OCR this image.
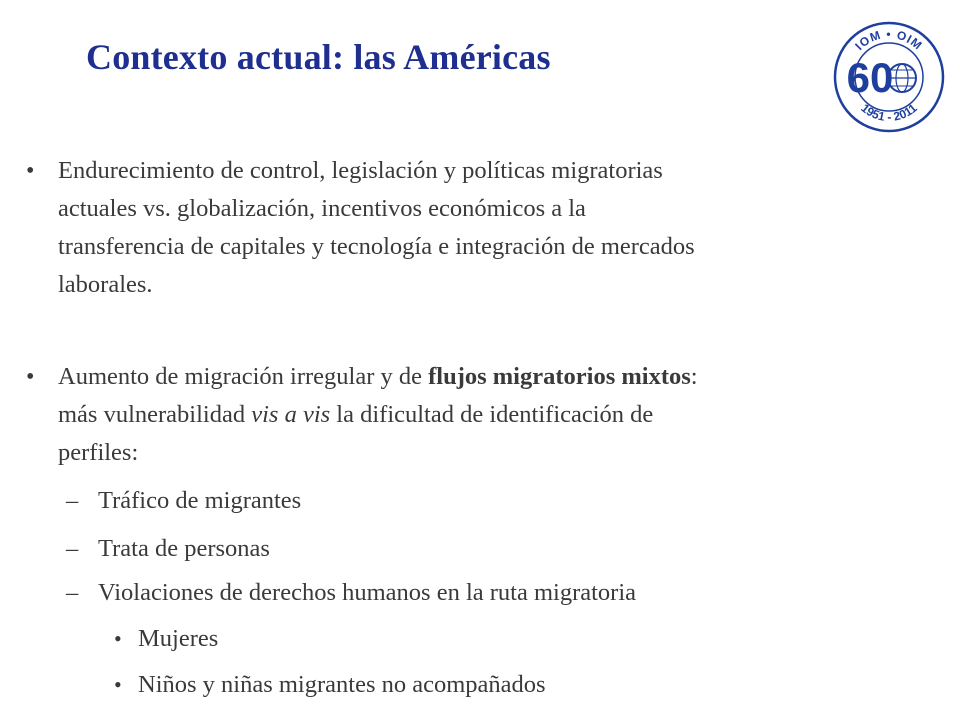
Contexto actual: las Américas	IOM • OIM
60
1951 - 2011
• Endurecimiento de control, legislación y políticas migratorias
actuales vs. globalización, incentivos económicos a la
transferencia de capitales y tecnología e integración de mercados
laborales.
• Aumento de migración irregular y de flujos migratorios mixtos:
más vulnerabilidad vis a vis la dificultad de identificación de
perfiles:
– Tráfico de migrantes
– Trata de personas
– Violaciones de derechos humanos en la ruta migratoria
• Mujeres
• Niños y niñas migrantes no acompañados
